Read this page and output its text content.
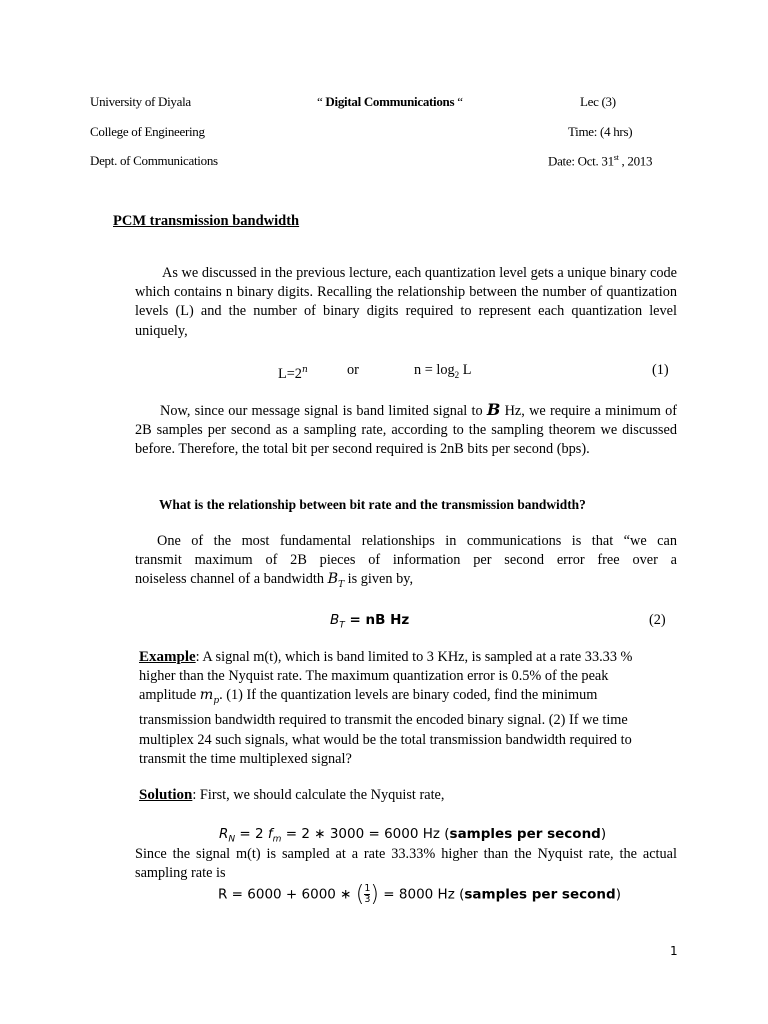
University of Diyala
College of Engineering
Dept. of Communications
“ Digital Communications “	Lec (3)
Time: (4 hrs)
Date: Oct. 31st , 2013
PCM transmission bandwidth
As we discussed in the previous lecture, each quantization level gets a unique binary code which contains n binary digits. Recalling the relationship between the number of quantization levels (L) and the number of binary digits required to represent each quantization level uniquely,
$L=2^n$	or	$n = \log_2 L$	(1)
Now, since our message signal is band limited signal to B Hz, we require a minimum of 2B samples per second as a sampling rate, according to the sampling theorem we discussed before. Therefore, the total bit per second required is 2nB bits per second (bps).
What is the relationship between bit rate and the transmission bandwidth?
One of the most fundamental relationships in communications is that “we can
transmit maximum of 2B pieces of information per second error free over a
noiseless channel of a bandwidth $B_T$ is given by,
$B_T$ = nB Hz	(2)
Example: A signal m(t), which is band limited to 3 KHz, is sampled at a rate 33.33 % higher than the Nyquist rate. The maximum quantization error is 0.5% of the peak amplitude $m_p$. (1) If the quantization levels are binary coded, find the minimum transmission bandwidth required to transmit the encoded binary signal. (2) If we time multiplex 24 such signals, what would be the total transmission bandwidth required to transmit the time multiplexed signal?
Solution: First, we should calculate the Nyquist rate,
$R_N = 2$ $f_m = 2$ ∗ 3000 = 6000 Hz (samples per second)
Since the signal m(t) is sampled at a rate 33.33% higher than the Nyquist rate, the actual sampling rate is
R = 6000 + 6000 ∗ ( $\frac{1}{3}$ ) = 8000 Hz (samples per second)
1
